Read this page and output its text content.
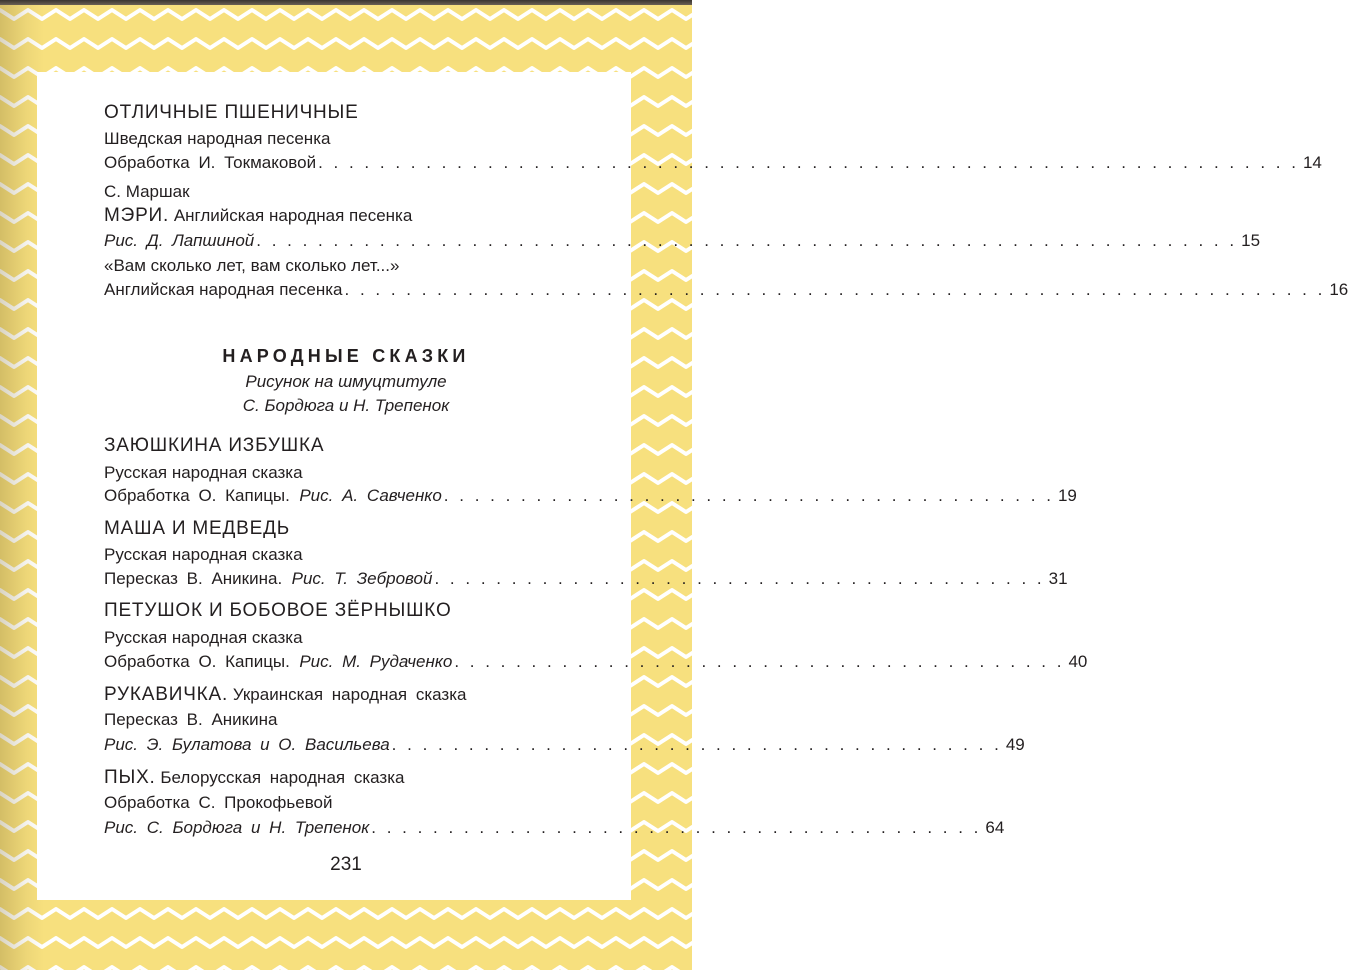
ОТЛИЧНЫЕ ПШЕНИЧНЫЕ
Шведская народная песенка
Обработка И. Токмаковой . . . . . . . . . . . . . . . . . . . . . . . . . . . . . . . . . . . . . . . . . . . . . . . . . . . . . . . . . . . . . . . . 14
С. Маршак
МЭРИ. Английская народная песенка
Рис. Д. Лапшиной . . . . . . . . . . . . . . . . . . . . . . . . . . . . . . . . . . . . . . . . . . . . . . . . . . . . . . . . . . . . . . . . 15
«Вам сколько лет, вам сколько лет...»
Английская народная песенка . . . . . . . . . . . . . . . . . . . . . . . . . . . . . . . . . . . . . . . . . . . . . . . . . . . . . . . . . . . . . . . . 16
НАРОДНЫЕ СКАЗКИ
Рисунок на шмуцтитуле
С. Бордюга и Н. Трепенок
ЗАЮШКИНА ИЗБУШКА
Русская народная сказка
Обработка О. Капицы.
Рис. А. Савченко . . . . . . . . . . . . . . . . . . . . . . . . . . . . . . . . . . . . . . . . 19
МАША И МЕДВЕДЬ
Русская народная сказка
Пересказ В. Аникина.
Рис. Т. Зебровой . . . . . . . . . . . . . . . . . . . . . . . . . . . . . . . . . . . . . . . . 31
ПЕТУШОК И БОБОВОЕ ЗЁРНЫШКО
Русская народная сказка
Обработка О. Капицы.
Рис. М. Рудаченко . . . . . . . . . . . . . . . . . . . . . . . . . . . . . . . . . . . . . . . . 40
РУКАВИЧКА. Украинская народная сказка
Пересказ В. Аникина
Рис. Э. Булатова и О. Васильева . . . . . . . . . . . . . . . . . . . . . . . . . . . . . . . . . . . . . . . . 49
ПЫХ. Белорусская народная сказка
Обработка С. Прокофьевой
Рис. С. Бордюга и Н. Трепенок . . . . . . . . . . . . . . . . . . . . . . . . . . . . . . . . . . . . . . . . 64
231
